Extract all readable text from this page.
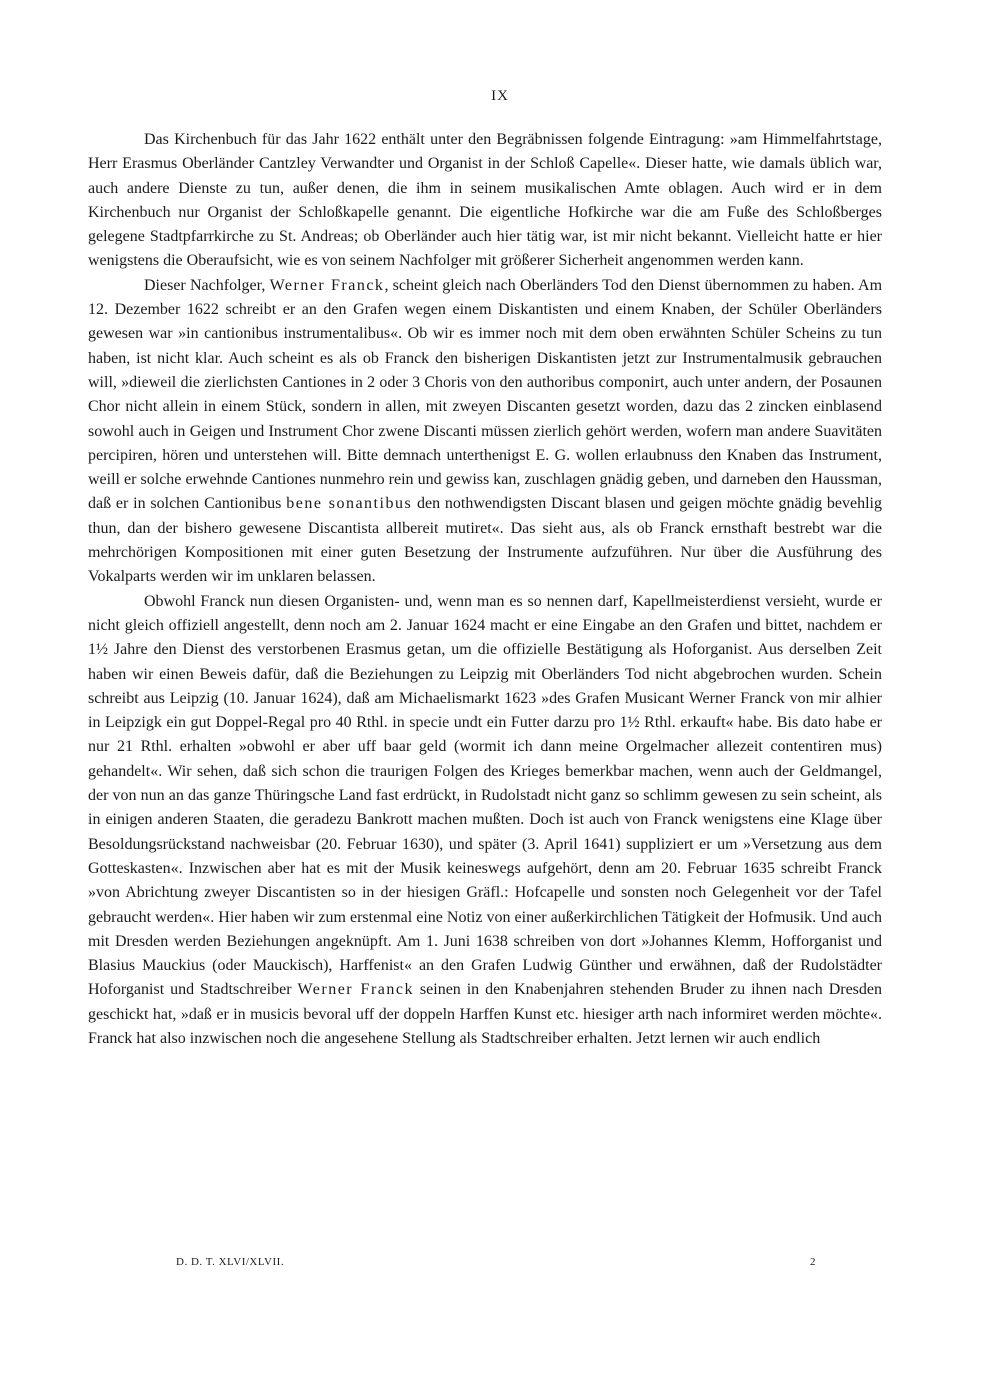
IX

Das Kirchenbuch für das Jahr 1622 enthält unter den Begräbnissen folgende Eintragung: »am Himmelfahrtstage, Herr Erasmus Oberländer Cantzley Verwandter und Organist in der Schloß Capelle«. Dieser hatte, wie damals üblich war, auch andere Dienste zu tun, außer denen, die ihm in seinem musikalischen Amte oblagen. Auch wird er in dem Kirchenbuch nur Organist der Schloßkapelle genannt. Die eigentliche Hofkirche war die am Fuße des Schloßberges gelegene Stadtpfarrkirche zu St. Andreas; ob Oberländer auch hier tätig war, ist mir nicht bekannt. Vielleicht hatte er hier wenigstens die Oberaufsicht, wie es von seinem Nachfolger mit größerer Sicherheit angenommen werden kann.

Dieser Nachfolger, Werner Franck, scheint gleich nach Oberländers Tod den Dienst übernommen zu haben. Am 12. Dezember 1622 schreibt er an den Grafen wegen einem Diskantisten und einem Knaben, der Schüler Oberländers gewesen war »in cantionibus instrumentalibus«. Ob wir es immer noch mit dem oben erwähnten Schüler Scheins zu tun haben, ist nicht klar. Auch scheint es als ob Franck den bisherigen Diskantisten jetzt zur Instrumentalmusik gebrauchen will, »dieweil die zierlichsten Cantiones in 2 oder 3 Choris von den authoribus componirt, auch unter andern, der Posaunen Chor nicht allein in einem Stück, sondern in allen, mit zweyen Discanten gesetzt worden, dazu das 2 zincken einblasend sowohl auch in Geigen und Instrument Chor zwene Discanti müssen zierlich gehört werden, wofern man andere Suavitäten percipiren, hören und unterstehen will. Bitte demnach unterthenigst E. G. wollen erlaubnuss den Knaben das Instrument, weill er solche erwehnde Cantiones nunmehro rein und gewiss kan, zuschlagen gnädig geben, und darneben den Haussman, daß er in solchen Cantionibus bene sonantibus den nothwendigsten Discant blasen und geigen möchte gnädig bevehlig thun, dan der bishero gewesene Discantista allbereit mutiret«. Das sieht aus, als ob Franck ernsthaft bestrebt war die mehrchörigen Kompositionen mit einer guten Besetzung der Instrumente aufzuführen. Nur über die Ausführung des Vokalparts werden wir im unklaren belassen.

Obwohl Franck nun diesen Organisten- und, wenn man es so nennen darf, Kapellmeisterdienst versieht, wurde er nicht gleich offiziell angestellt, denn noch am 2. Januar 1624 macht er eine Eingabe an den Grafen und bittet, nachdem er 1½ Jahre den Dienst des verstorbenen Erasmus getan, um die offizielle Bestätigung als Hoforganist. Aus derselben Zeit haben wir einen Beweis dafür, daß die Beziehungen zu Leipzig mit Oberländers Tod nicht abgebrochen wurden. Schein schreibt aus Leipzig (10. Januar 1624), daß am Michaelismarkt 1623 »des Grafen Musicant Werner Franck von mir alhier in Leipzigk ein gut Doppel-Regal pro 40 Rthl. in specie undt ein Futter darzu pro 1½ Rthl. erkauft« habe. Bis dato habe er nur 21 Rthl. erhalten »obwohl er aber uff baar geld (wormit ich dann meine Orgelmacher allezeit contentiren mus) gehandelt«. Wir sehen, daß sich schon die traurigen Folgen des Krieges bemerkbar machen, wenn auch der Geldmangel, der von nun an das ganze Thüringsche Land fast erdrückt, in Rudolstadt nicht ganz so schlimm gewesen zu sein scheint, als in einigen anderen Staaten, die geradezu Bankrott machen mußten. Doch ist auch von Franck wenigstens eine Klage über Besoldungsrückstand nachweisbar (20. Februar 1630), und später (3. April 1641) suppliziert er um »Versetzung aus dem Gotteskasten«. Inzwischen aber hat es mit der Musik keineswegs aufgehört, denn am 20. Februar 1635 schreibt Franck »von Abrichtung zweyer Discantisten so in der hiesigen Gräfl.: Hofcapelle und sonsten noch Gelegenheit vor der Tafel gebraucht werden«. Hier haben wir zum erstenmal eine Notiz von einer außerkirchlichen Tätigkeit der Hofmusik. Und auch mit Dresden werden Beziehungen angeknüpft. Am 1. Juni 1638 schreiben von dort »Johannes Klemm, Hofforganist und Blasius Mauckius (oder Mauckisch), Harffenist« an den Grafen Ludwig Günther und erwähnen, daß der Rudolstädter Hoforganist und Stadtschreiber Werner Franck seinen in den Knabenjahren stehenden Bruder zu ihnen nach Dresden geschickt hat, »daß er in musicis bevoral uff der doppeln Harffen Kunst etc. hiesiger arth nach informiret werden möchte«. Franck hat also inzwischen noch die angesehene Stellung als Stadtschreiber erhalten. Jetzt lernen wir auch endlich

D. D. T. XLVI/XLVII.	2
